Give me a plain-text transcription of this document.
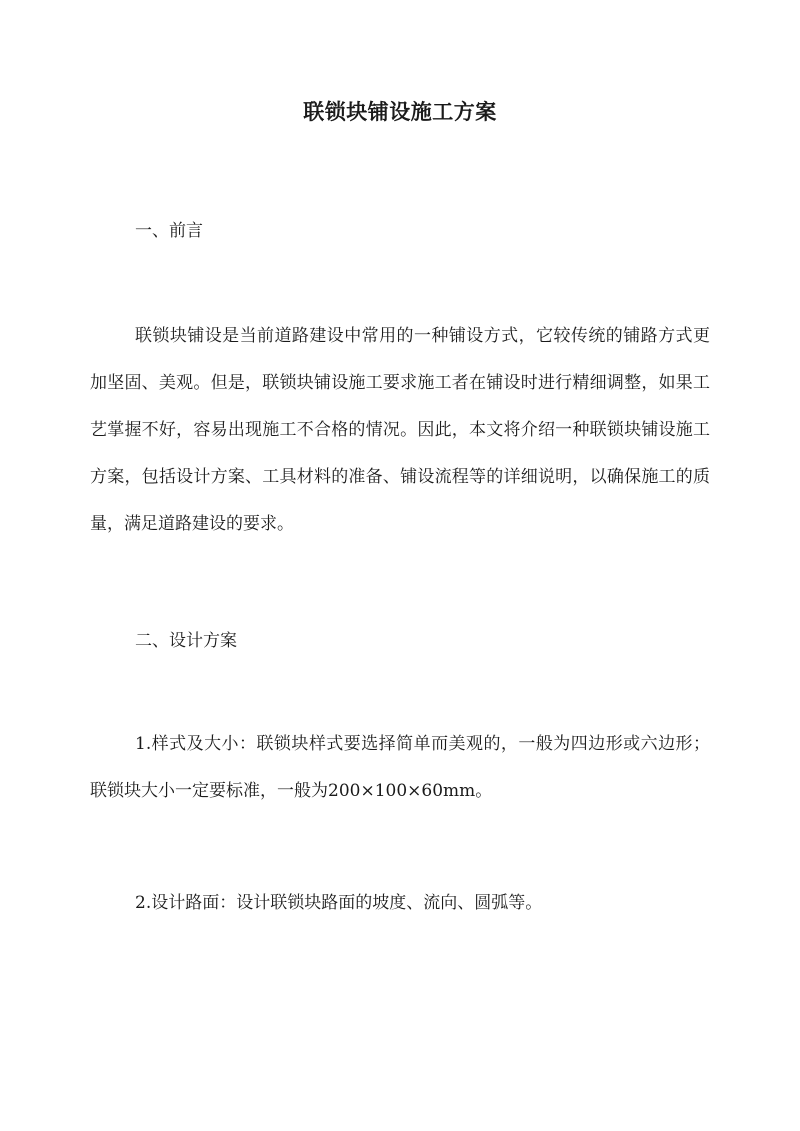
联锁块铺设施工方案
一、前言
联锁块铺设是当前道路建设中常用的一种铺设方式，它较传统的铺路方式更加坚固、美观。但是，联锁块铺设施工要求施工者在铺设时进行精细调整，如果工艺掌握不好，容易出现施工不合格的情况。因此，本文将介绍一种联锁块铺设施工方案，包括设计方案、工具材料的准备、铺设流程等的详细说明，以确保施工的质量，满足道路建设的要求。
二、设计方案
1.样式及大小：联锁块样式要选择简单而美观的，一般为四边形或六边形；联锁块大小一定要标准，一般为200×100×60mm。
2.设计路面：设计联锁块路面的坡度、流向、圆弧等。
